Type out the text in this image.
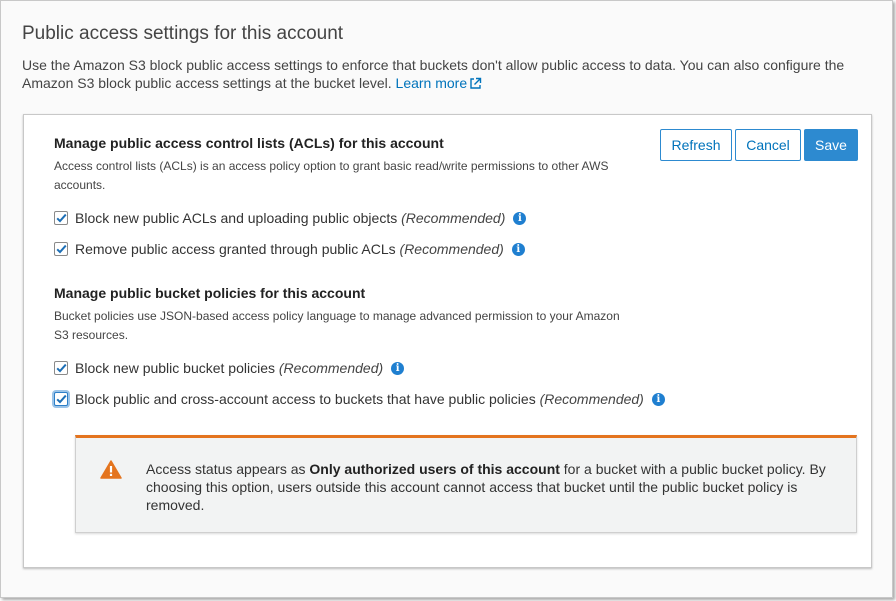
Public access settings for this account

Use the Amazon S3 block public access settings to enforce that buckets don't allow public access to data. You can also configure the Amazon S3 block public access settings at the bucket level. Learn more

Refresh	Cancel	Save
Manage public access control lists (ACLs) for this account

Access control lists (ACLs) is an access policy option to grant basic read/write permissions to other AWS accounts.

Block new public ACLs and uploading public objects (Recommended)	i
Remove public access granted through public ACLs (Recommended)	i
Manage public bucket policies for this account

Bucket policies use JSON-based access policy language to manage advanced permission to your Amazon S3 resources.

Block new public bucket policies (Recommended)	i
Block public and cross-account access to buckets that have public policies (Recommended)	i

Access status appears as Only authorized users of this account for a bucket with a public bucket policy. By choosing this option, users outside this account cannot access that bucket until the public bucket policy is removed.
